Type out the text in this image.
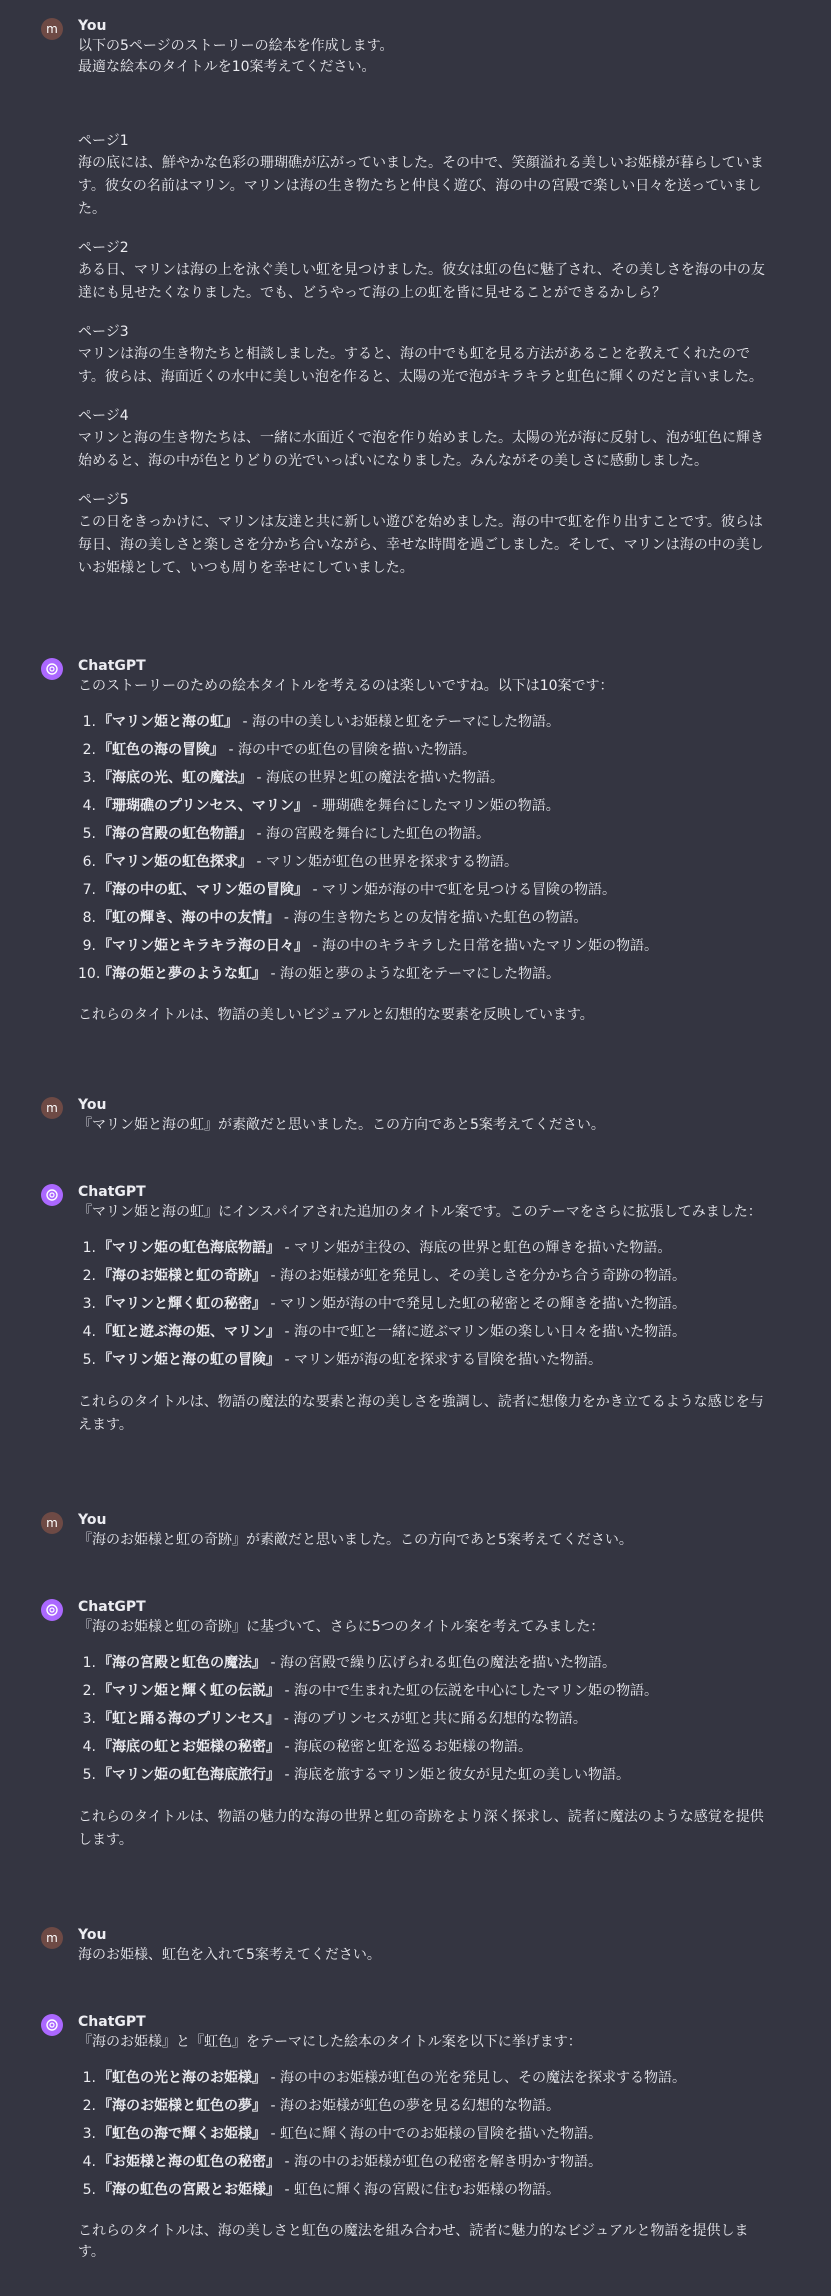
m	You

以下の5ページのストーリーの絵本を作成します。
最適な絵本のタイトルを10案考えてください。

ページ1
海の底には、鮮やかな色彩の珊瑚礁が広がっていました。その中で、笑顔溢れる美しいお姫様が暮らしています。彼女の名前はマリン。マリンは海の生き物たちと仲良く遊び、海の中の宮殿で楽しい日々を送っていました。
ページ2
ある日、マリンは海の上を泳ぐ美しい虹を見つけました。彼女は虹の色に魅了され、その美しさを海の中の友達にも見せたくなりました。でも、どうやって海の上の虹を皆に見せることができるかしら？
ページ3
マリンは海の生き物たちと相談しました。すると、海の中でも虹を見る方法があることを教えてくれたのです。彼らは、海面近くの水中に美しい泡を作ると、太陽の光で泡がキラキラと虹色に輝くのだと言いました。
ページ4
マリンと海の生き物たちは、一緒に水面近くで泡を作り始めました。太陽の光が海に反射し、泡が虹色に輝き始めると、海の中が色とりどりの光でいっぱいになりました。みんながその美しさに感動しました。
ページ5
この日をきっかけに、マリンは友達と共に新しい遊びを始めました。海の中で虹を作り出すことです。彼らは毎日、海の美しさと楽しさを分かち合いながら、幸せな時間を過ごしました。そして、マリンは海の中の美しいお姫様として、いつも周りを幸せにしていました。
ChatGPT

このストーリーのための絵本タイトルを考えるのは楽しいですね。以下は10案です：

1. 『マリン姫と海の虹』 - 海の中の美しいお姫様と虹をテーマにした物語。
2. 『虹色の海の冒険』 - 海の中での虹色の冒険を描いた物語。
3. 『海底の光、虹の魔法』 - 海底の世界と虹の魔法を描いた物語。
4. 『珊瑚礁のプリンセス、マリン』 - 珊瑚礁を舞台にしたマリン姫の物語。
5. 『海の宮殿の虹色物語』 - 海の宮殿を舞台にした虹色の物語。
6. 『マリン姫の虹色探求』 - マリン姫が虹色の世界を探求する物語。
7. 『海の中の虹、マリン姫の冒険』 - マリン姫が海の中で虹を見つける冒険の物語。
8. 『虹の輝き、海の中の友情』 - 海の生き物たちとの友情を描いた虹色の物語。
9. 『マリン姫とキラキラ海の日々』 - 海の中のキラキラした日常を描いたマリン姫の物語。
10.
『海の姫と夢のような虹』 - 海の姫と夢のような虹をテーマにした物語。

これらのタイトルは、物語の美しいビジュアルと幻想的な要素を反映しています。

m	You

『マリン姫と海の虹』が素敵だと思いました。この方向であと5案考えてください。

ChatGPT

『マリン姫と海の虹』にインスパイアされた追加のタイトル案です。このテーマをさらに拡張してみました：

1. 『マリン姫の虹色海底物語』 - マリン姫が主役の、海底の世界と虹色の輝きを描いた物語。
2. 『海のお姫様と虹の奇跡』 - 海のお姫様が虹を発見し、その美しさを分かち合う奇跡の物語。
3. 『マリンと輝く虹の秘密』 - マリン姫が海の中で発見した虹の秘密とその輝きを描いた物語。
4. 『虹と遊ぶ海の姫、マリン』 - 海の中で虹と一緒に遊ぶマリン姫の楽しい日々を描いた物語。
5. 『マリン姫と海の虹の冒険』 - マリン姫が海の虹を探求する冒険を描いた物語。

これらのタイトルは、物語の魔法的な要素と海の美しさを強調し、読者に想像力をかき立てるような感じを与えます。

m	You

『海のお姫様と虹の奇跡』が素敵だと思いました。この方向であと5案考えてください。

ChatGPT

『海のお姫様と虹の奇跡』に基づいて、さらに5つのタイトル案を考えてみました：

1. 『海の宮殿と虹色の魔法』 - 海の宮殿で繰り広げられる虹色の魔法を描いた物語。
2. 『マリン姫と輝く虹の伝説』 - 海の中で生まれた虹の伝説を中心にしたマリン姫の物語。
3. 『虹と踊る海のプリンセス』 - 海のプリンセスが虹と共に踊る幻想的な物語。
4. 『海底の虹とお姫様の秘密』 - 海底の秘密と虹を巡るお姫様の物語。
5. 『マリン姫の虹色海底旅行』 - 海底を旅するマリン姫と彼女が見た虹の美しい物語。

これらのタイトルは、物語の魅力的な海の世界と虹の奇跡をより深く探求し、読者に魔法のような感覚を提供します。

m	You

海のお姫様、虹色を入れて5案考えてください。

ChatGPT

『海のお姫様』と『虹色』をテーマにした絵本のタイトル案を以下に挙げます：

1. 『虹色の光と海のお姫様』 - 海の中のお姫様が虹色の光を発見し、その魔法を探求する物語。
2. 『海のお姫様と虹色の夢』 - 海のお姫様が虹色の夢を見る幻想的な物語。
3. 『虹色の海で輝くお姫様』 - 虹色に輝く海の中でのお姫様の冒険を描いた物語。
4. 『お姫様と海の虹色の秘密』 - 海の中のお姫様が虹色の秘密を解き明かす物語。
5. 『海の虹色の宮殿とお姫様』 - 虹色に輝く海の宮殿に住むお姫様の物語。

これらのタイトルは、海の美しさと虹色の魔法を組み合わせ、読者に魅力的なビジュアルと物語を提供します。
